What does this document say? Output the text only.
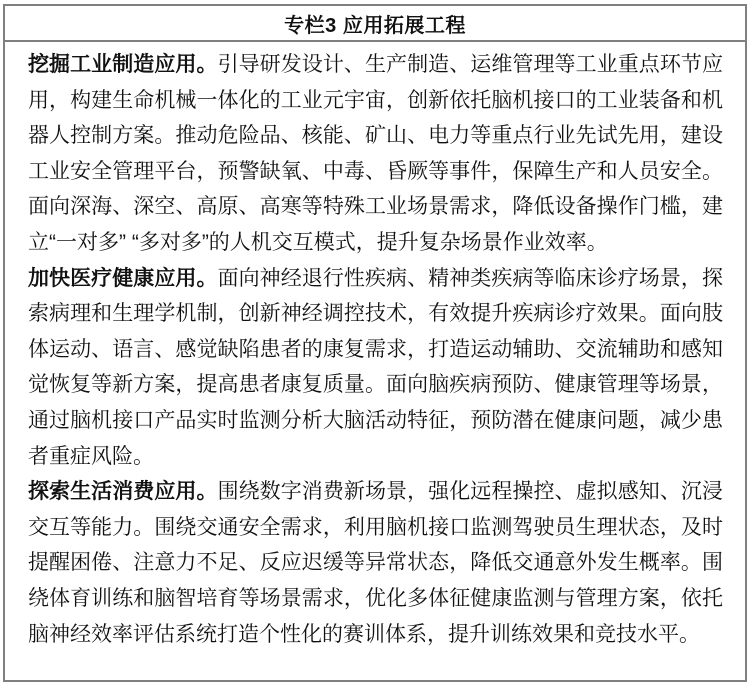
专栏3 应用拓展工程

挖掘工业制造应用。引导研发设计、生产制造、运维管理等工业重点环节应用，构建生命机械一体化的工业元宇宙，创新依托脑机接口的工业装备和机器人控制方案。推动危险品、核能、矿山、电力等重点行业先试先用，建设工业安全管理平台，预警缺氧、中毒、昏厥等事件，保障生产和人员安全。面向深海、深空、高原、高寒等特殊工业场景需求，降低设备操作门槛，建立“一对多” “多对多”的人机交互模式，提升复杂场景作业效率。

加快医疗健康应用。面向神经退行性疾病、精神类疾病等临床诊疗场景，探索病理和生理学机制，创新神经调控技术，有效提升疾病诊疗效果。面向肢体运动、语言、感觉缺陷患者的康复需求，打造运动辅助、交流辅助和感知觉恢复等新方案，提高患者康复质量。面向脑疾病预防、健康管理等场景，通过脑机接口产品实时监测分析大脑活动特征，预防潜在健康问题，减少患者重症风险。

探索生活消费应用。围绕数字消费新场景，强化远程操控、虚拟感知、沉浸交互等能力。围绕交通安全需求，利用脑机接口监测驾驶员生理状态，及时提醒困倦、注意力不足、反应迟缓等异常状态，降低交通意外发生概率。围绕体育训练和脑智培育等场景需求，优化多体征健康监测与管理方案，依托脑神经效率评估系统打造个性化的赛训体系，提升训练效果和竞技水平。
